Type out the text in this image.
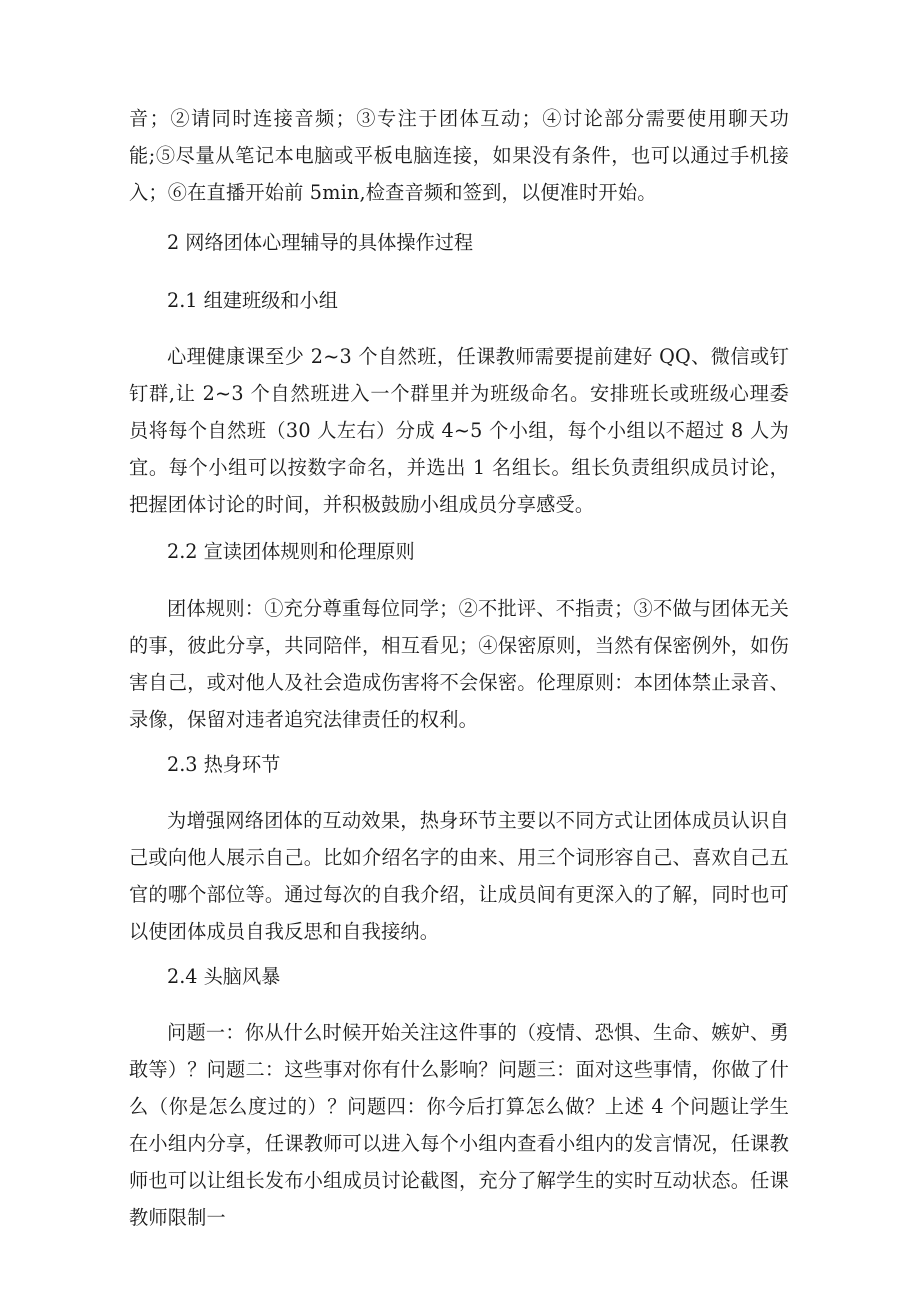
音；②请同时连接音频；③专注于团体互动；④讨论部分需要使用聊天功能;⑤尽量从笔记本电脑或平板电脑连接，如果没有条件，也可以通过手机接入；⑥在直播开始前 5min,检查音频和签到，以便准时开始。

2 网络团体心理辅导的具体操作过程
2.1 组建班级和小组

心理健康课至少 2~3 个自然班，任课教师需要提前建好 QQ、微信或钉钉群,让 2~3 个自然班进入一个群里并为班级命名。安排班长或班级心理委员将每个自然班（30 人左右）分成 4~5 个小组，每个小组以不超过 8 人为宜。每个小组可以按数字命名，并选出 1 名组长。组长负责组织成员讨论，把握团体讨论的时间，并积极鼓励小组成员分享感受。

2.2 宣读团体规则和伦理原则

团体规则：①充分尊重每位同学；②不批评、不指责；③不做与团体无关的事，彼此分享，共同陪伴，相互看见；④保密原则，当然有保密例外，如伤害自己，或对他人及社会造成伤害将不会保密。伦理原则：本团体禁止录音、录像，保留对违者追究法律责任的权利。

2.3 热身环节

为增强网络团体的互动效果，热身环节主要以不同方式让团体成员认识自己或向他人展示自己。比如介绍名字的由来、用三个词形容自己、喜欢自己五官的哪个部位等。通过每次的自我介绍，让成员间有更深入的了解，同时也可以使团体成员自我反思和自我接纳。

2.4 头脑风暴

问题一：你从什么时候开始关注这件事的（疫情、恐惧、生命、嫉妒、勇敢等）？问题二：这些事对你有什么影响？问题三：面对这些事情，你做了什么（你是怎么度过的）？问题四：你今后打算怎么做？上述 4 个问题让学生在小组内分享，任课教师可以进入每个小组内查看小组内的发言情况，任课教师也可以让组长发布小组成员讨论截图，充分了解学生的实时互动状态。任课教师限制一
